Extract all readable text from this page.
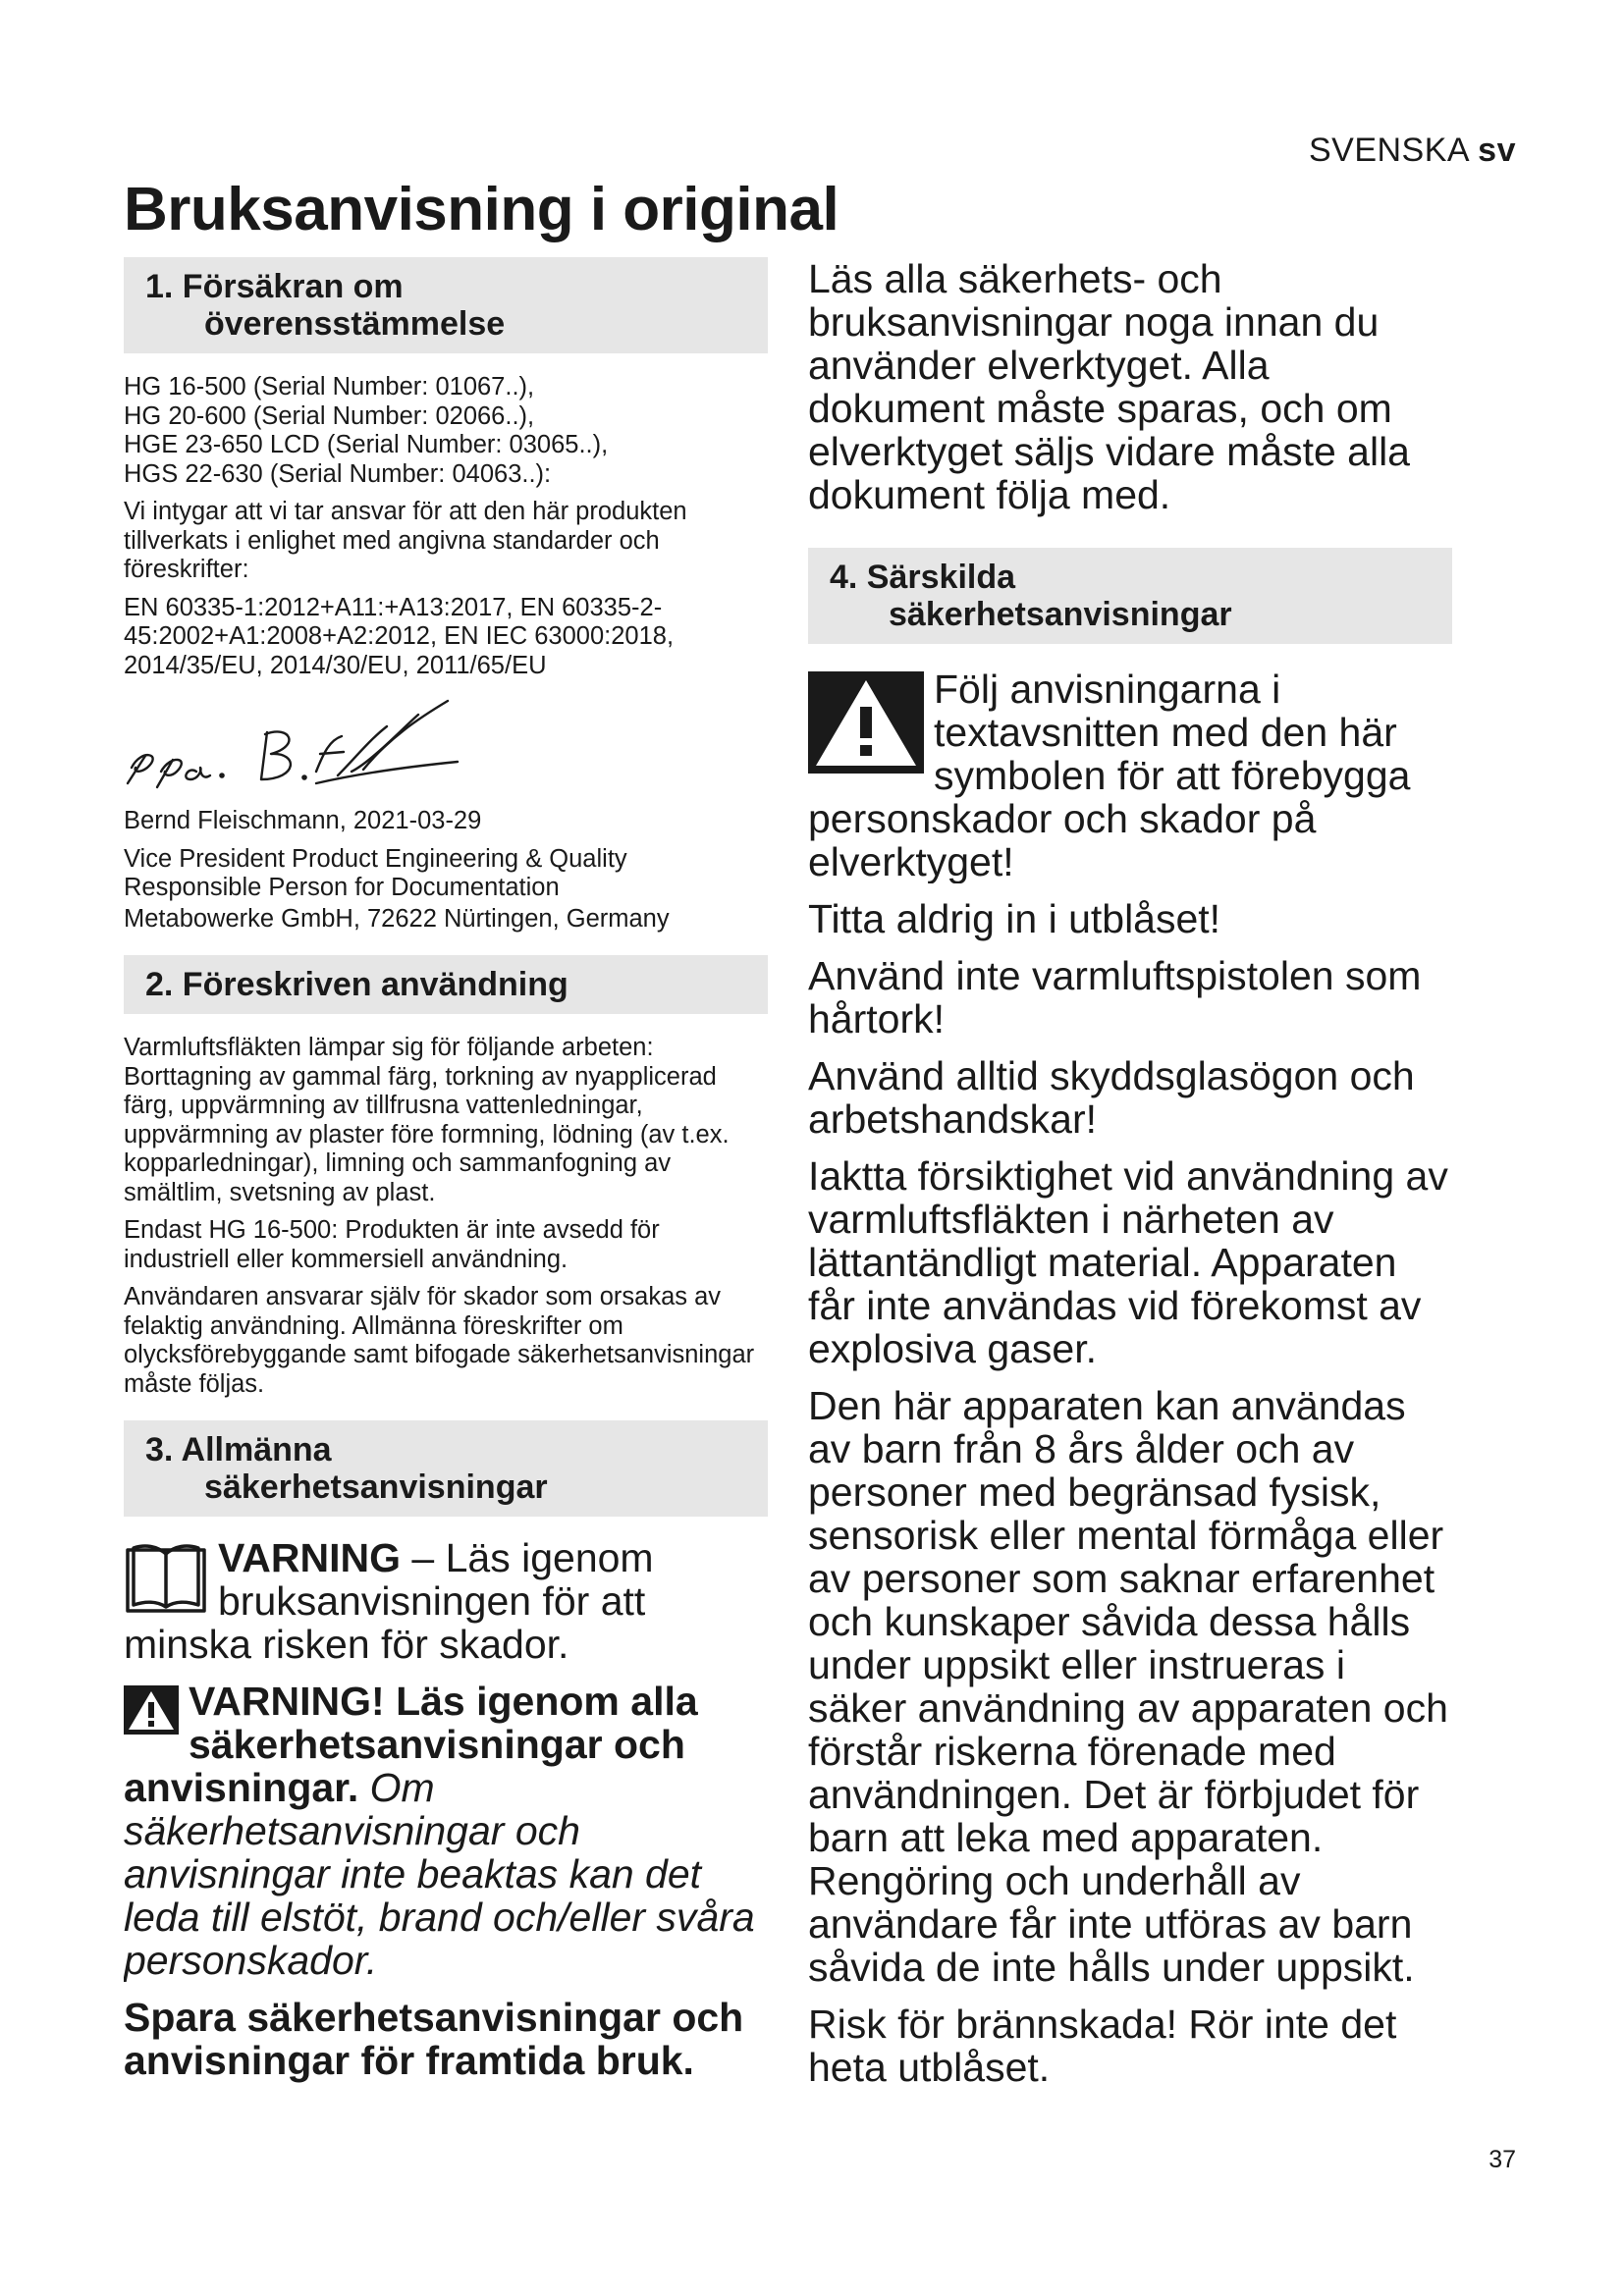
SVENSKA sv
Bruksanvisning i original
1. Försäkran om
överensstämmelse

HG 16-500 (Serial Number: 01067..),
HG 20-600 (Serial Number: 02066..),
HGE 23-650 LCD (Serial Number: 03065..),
HGS 22-630 (Serial Number: 04063..):

Vi intygar att vi tar ansvar för att den här produkten tillverkats i enlighet med angivna standarder och föreskrifter:

EN 60335-1:2012+A11:+A13:2017, EN 60335-2-45:2002+A1:2008+A2:2012, EN IEC 63000:2018, 2014/35/EU, 2014/30/EU, 2011/65/EU

Bernd Fleischmann, 2021-03-29

Vice President Product Engineering & Quality
Responsible Person for Documentation

Metabowerke GmbH, 72622 Nürtingen, Germany

2. Föreskriven användning

Varmluftsfläkten lämpar sig för följande arbeten: Borttagning av gammal färg, torkning av nyapplicerad färg, uppvärmning av tillfrusna vattenledningar, uppvärmning av plaster före formning, lödning (av t.ex. kopparledningar), limning och sammanfogning av smältlim, svetsning av plast.

Endast HG 16-500: Produkten är inte avsedd för industriell eller kommersiell användning.

Användaren ansvarar själv för skador som orsakas av felaktig användning. Allmänna föreskrifter om olycksförebyggande samt bifogade säkerhetsanvisningar måste följas.

3. Allmänna
säkerhetsanvisningar
VARNING – Läs igenom bruksanvisningen för att minska risken för skador.
VARNING! Läs igenom alla säkerhetsanvisningar och anvisningar. Om säkerhetsanvisningar och anvisningar inte beaktas kan det leda till elstöt, brand och/eller svåra personskador.

Spara säkerhetsanvisningar och anvisningar för framtida bruk.

Läs alla säkerhets- och bruksanvisningar noga innan du använder elverktyget. Alla dokument måste sparas, och om elverktyget säljs vidare måste alla dokument följa med.

4. Särskilda
säkerhetsanvisningar
Följ anvisningarna i textavsnitten med den här symbolen för att förebygga personskador och skador på elverktyget!

Titta aldrig in i utblåset!

Använd inte varmluftspistolen som hårtork!

Använd alltid skyddsglasögon och arbetshandskar!

Iaktta försiktighet vid användning av varmluftsfläkten i närheten av lättantändligt material. Apparaten får inte användas vid förekomst av explosiva gaser.

Den här apparaten kan användas av barn från 8 års ålder och av personer med begränsad fysisk, sensorisk eller mental förmåga eller av personer som saknar erfarenhet och kunskaper såvida dessa hålls under uppsikt eller instrueras i säker användning av apparaten och förstår riskerna förenade med användningen. Det är förbjudet för barn att leka med apparaten. Rengöring och underhåll av användare får inte utföras av barn såvida de inte hålls under uppsikt.

Risk för brännskada! Rör inte det heta utblåset.

37
